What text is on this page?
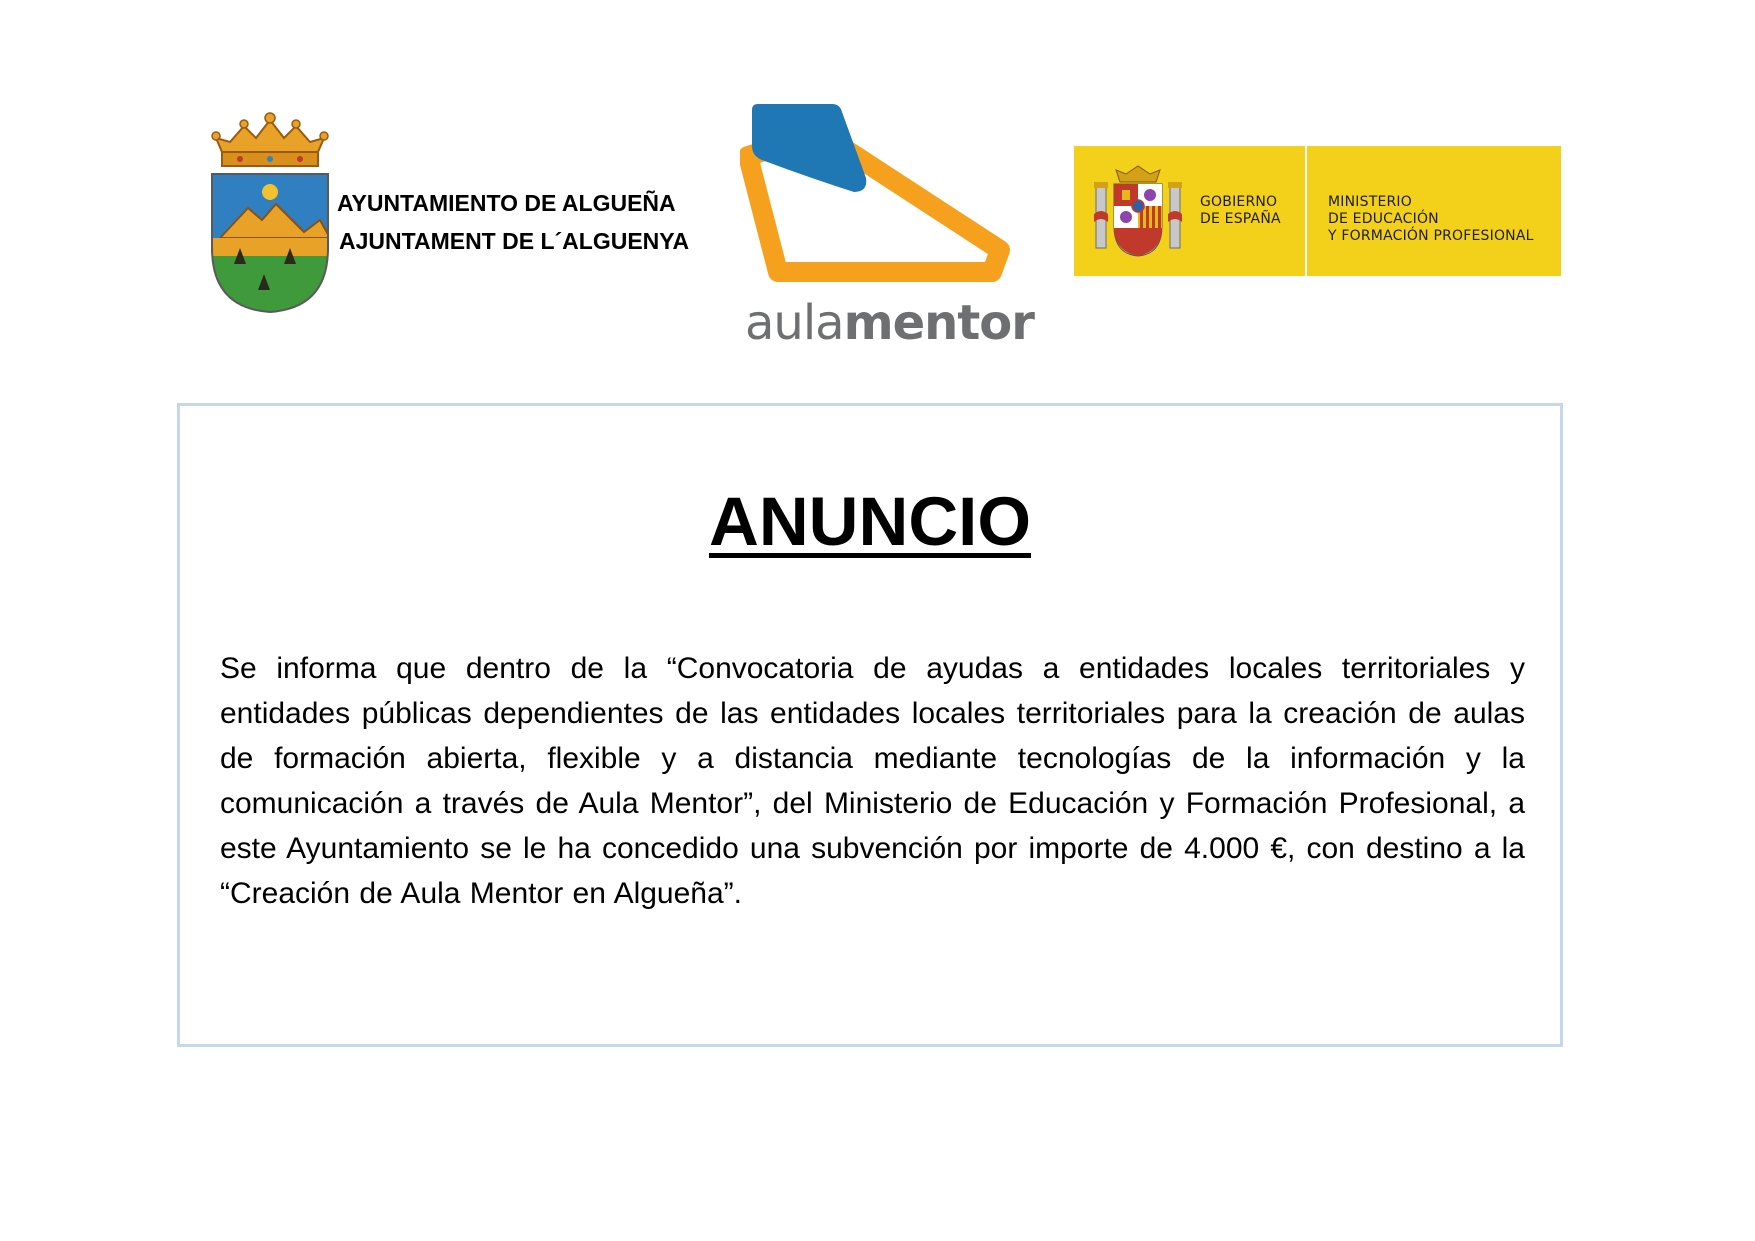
AYUNTAMIENTO DE ALGUEÑA
AJUNTAMENT DE L´ALGUENYA
aulamentor
GOBIERNO
DE ESPAÑA
MINISTERIO
DE EDUCACIÓN
Y FORMACIÓN PROFESIONAL
ANUNCIO

Se informa que dentro de la “Convocatoria de ayudas a entidades locales territoriales y entidades públicas dependientes de las entidades locales territoriales para la creación de aulas de formación abierta, flexible y a distancia mediante tecnologías de la información y la comunicación a través de Aula Mentor”, del Ministerio de Educación y Formación Profesional, a este Ayuntamiento se le ha concedido una subvención por importe de 4.000 €, con destino a la “Creación de Aula Mentor en Algueña”.
